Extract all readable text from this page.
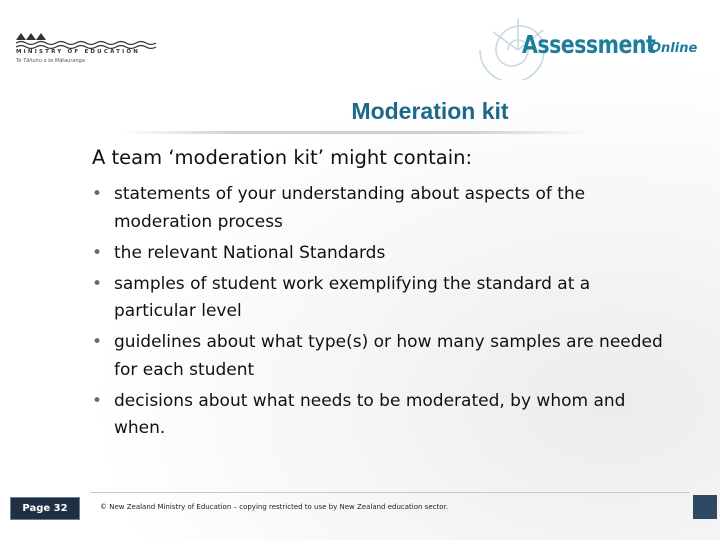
MINISTRY OF EDUCATION
Te Tāhuhu o te Mātauranga
Assessment
Online
Moderation kit
A team ‘moderation kit’ might contain:
• statements of your understanding about aspects of the moderation process
• the relevant National Standards
• samples of student work exemplifying the standard at a particular level
• guidelines about what type(s) or how many samples are needed for each student
• decisions about what needs to be moderated, by whom and when.
Page 32	© New Zealand Ministry of Education – copying restricted to use by New Zealand education sector.
